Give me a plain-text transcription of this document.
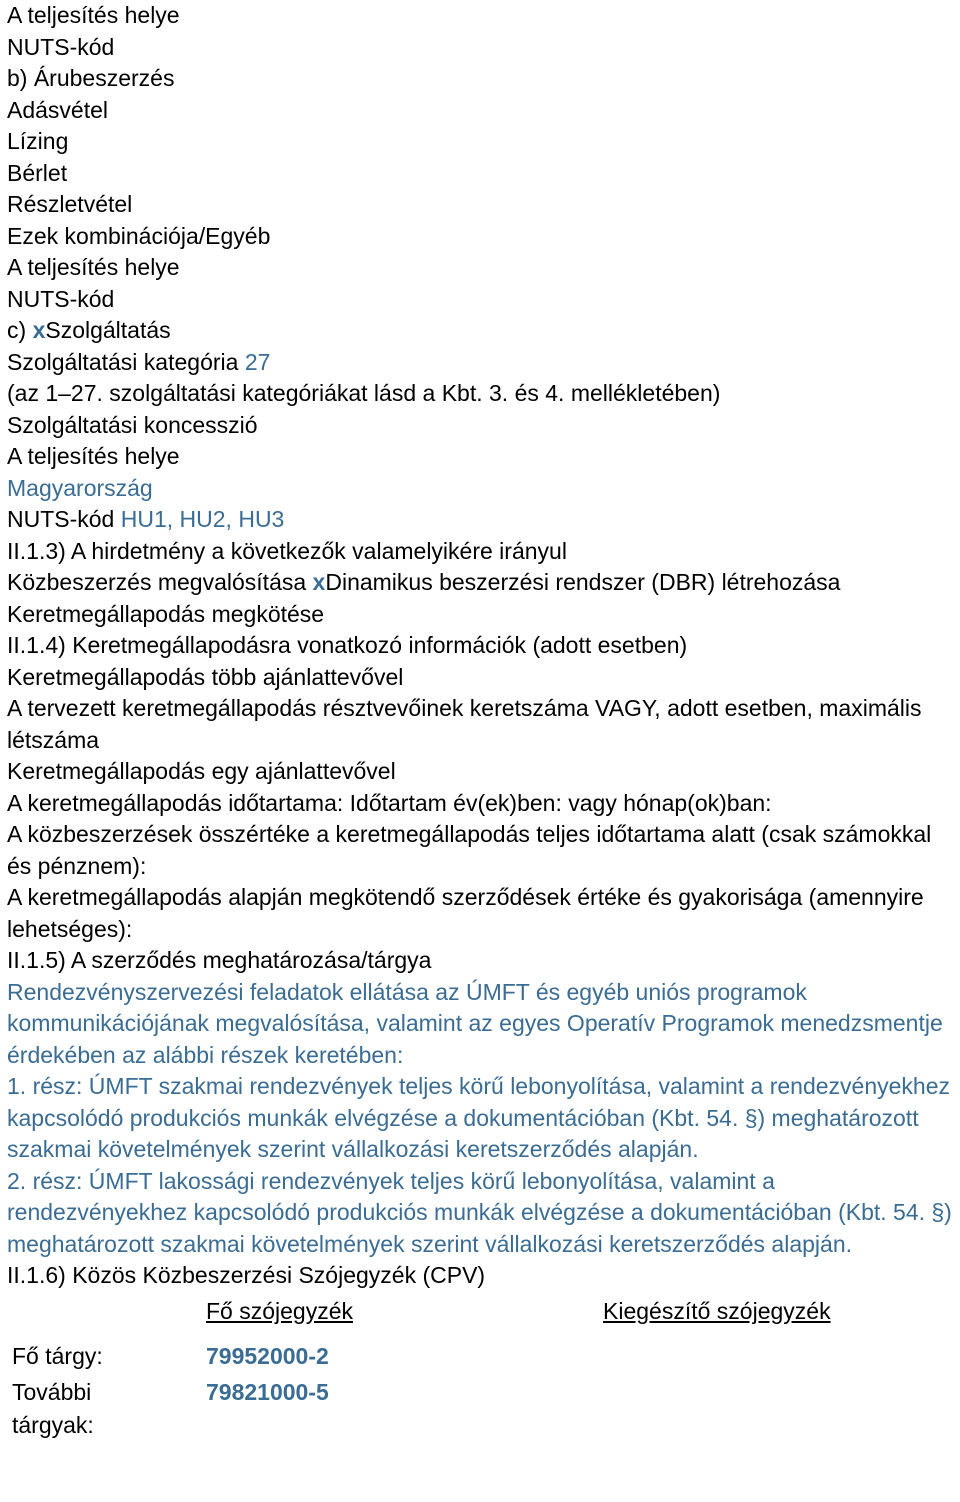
A teljesítés helye
NUTS-kód
b) Árubeszerzés
Adásvétel
Lízing
Bérlet
Részletvétel
Ezek kombinációja/Egyéb
A teljesítés helye
NUTS-kód
c) xSzolgáltatás
Szolgáltatási kategória 27
(az 1–27. szolgáltatási kategóriákat lásd a Kbt. 3. és 4. mellékletében)
Szolgáltatási koncesszió
A teljesítés helye
Magyarország
NUTS-kód HU1, HU2, HU3
II.1.3) A hirdetmény a következők valamelyikére irányul
Közbeszerzés megvalósítása xDinamikus beszerzési rendszer (DBR) létrehozása
Keretmegállapodás megkötése
II.1.4) Keretmegállapodásra vonatkozó információk (adott esetben)
Keretmegállapodás több ajánlattevővel
A tervezett keretmegállapodás résztvevőinek keretszáma VAGY, adott esetben, maximális létszáma
Keretmegállapodás egy ajánlattevővel
A keretmegállapodás időtartama: Időtartam év(ek)ben: vagy hónap(ok)ban:
A közbeszerzések összértéke a keretmegállapodás teljes időtartama alatt (csak számokkal és pénznem):
A keretmegállapodás alapján megkötendő szerződések értéke és gyakorisága (amennyire lehetséges):
II.1.5) A szerződés meghatározása/tárgya
Rendezvényszervezési feladatok ellátása az ÚMFT és egyéb uniós programok kommunikációjának megvalósítása, valamint az egyes Operatív Programok menedzsmentje érdekében az alábbi részek keretében:
1. rész: ÚMFT szakmai rendezvények teljes körű lebonyolítása, valamint a rendezvényekhez kapcsolódó produkciós munkák elvégzése a dokumentációban (Kbt. 54. §) meghatározott szakmai követelmények szerint vállalkozási keretszerződés alapján.
2. rész: ÚMFT lakossági rendezvények teljes körű lebonyolítása, valamint a rendezvényekhez kapcsolódó produkciós munkák elvégzése a dokumentációban (Kbt. 54. §) meghatározott szakmai követelmények szerint vállalkozási keretszerződés alapján.
II.1.6) Közös Közbeszerzési Szójegyzék (CPV)
Fő szójegyzék	Kiegészítő szójegyzék
Fő tárgy:	79952000-2
További tárgyak:
79821000-5
